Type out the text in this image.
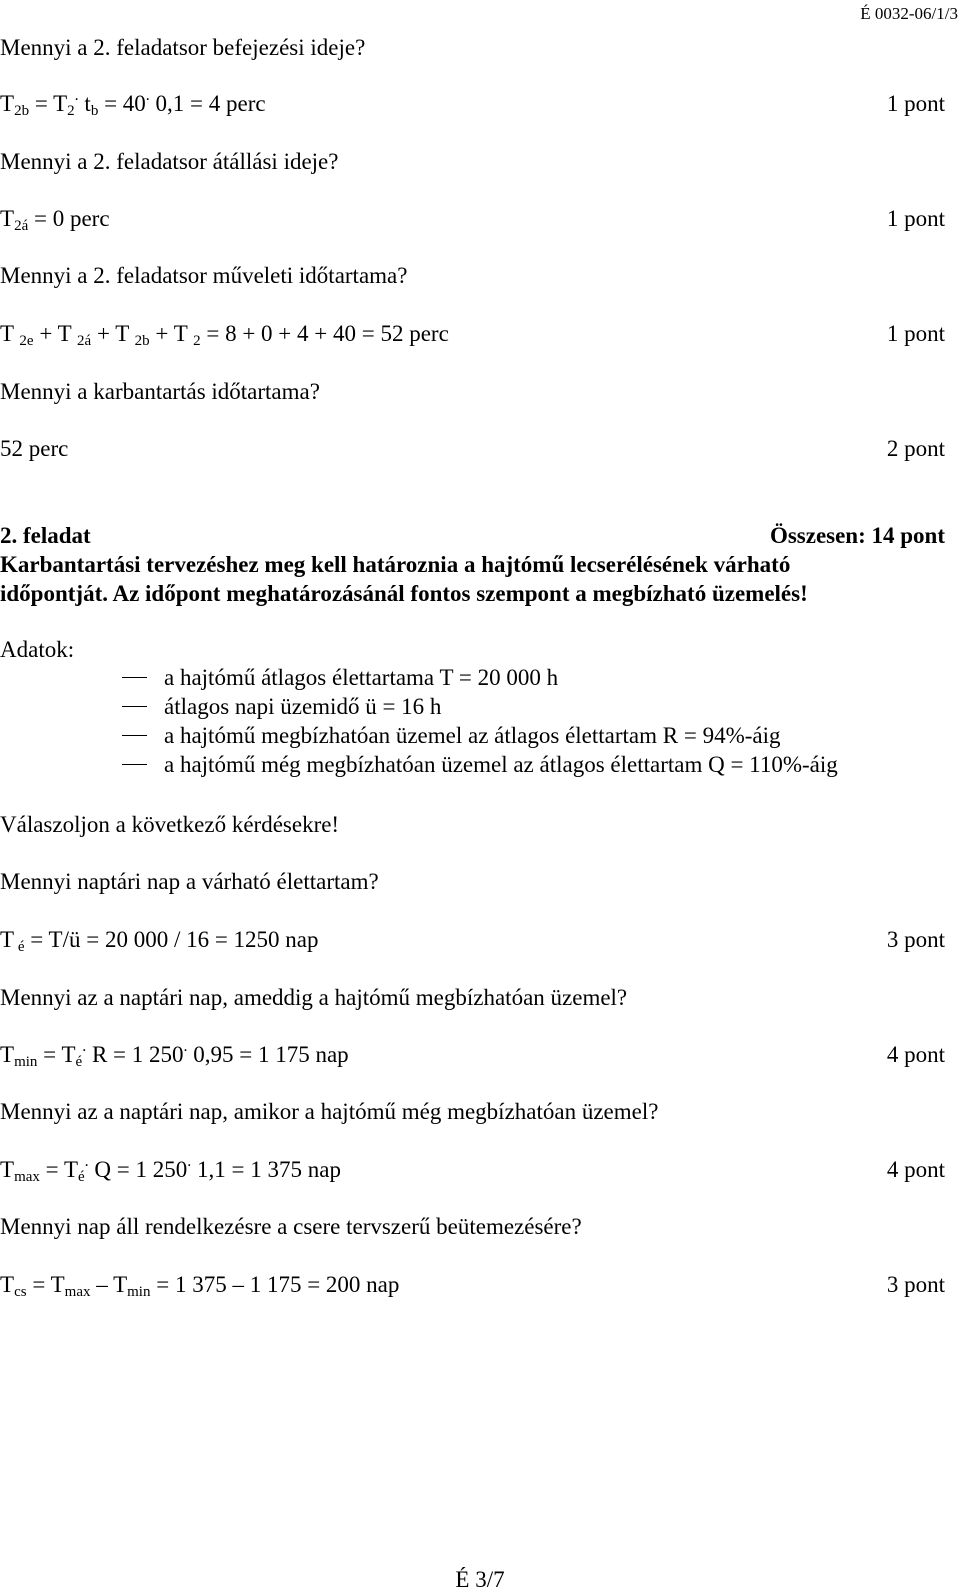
É 0032-06/1/3
Mennyi a 2. feladatsor befejezési ideje?
$T_{2b} = T_2$. $t_b = 40$. 0,1 = 4 perc	1 pont
Mennyi a 2. feladatsor átállási ideje?
$T_{2á} = 0$ perc	1 pont
Mennyi a 2. feladatsor műveleti időtartama?
T $_{2e}$ + T $_{2á}$ + T $_{2b}$ + T $_2$ = 8 + 0 + 4 + 40 = 52 perc	1 pont
Mennyi a karbantartás időtartama?
52 perc	2 pont
2. feladat	Összesen: 14 pont
Karbantartási tervezéshez meg kell határoznia a hajtómű lecserélésének várható
időpontját. Az időpont meghatározásánál fontos szempont a megbízható üzemelés!
Adatok:
a hajtómű átlagos élettartama T = 20 000 h
átlagos napi üzemidő ü = 16 h
a hajtómű megbízhatóan üzemel az átlagos élettartam R = 94%-áig
a hajtómű még megbízhatóan üzemel az átlagos élettartam Q = 110%-áig
Válaszoljon a következő kérdésekre!
Mennyi naptári nap a várható élettartam?
T $_é$ = T/ü = 20 000 / 16 = 1250 nap	3 pont
Mennyi az a naptári nap, ameddig a hajtómű megbízhatóan üzemel?
$T_{min} = T_é$. R = 1 250. 0,95 = 1 175 nap	4 pont
Mennyi az a naptári nap, amikor a hajtómű még megbízhatóan üzemel?
$T_{max} = T_é$. Q = 1 250. 1,1 = 1 375 nap	4 pont
Mennyi nap áll rendelkezésre a csere tervszerű beütemezésére?
$T_{cs} = T_{max} - T_{min} = 1$ 375 – 1 175 = 200 nap	3 pont
É 3/7
